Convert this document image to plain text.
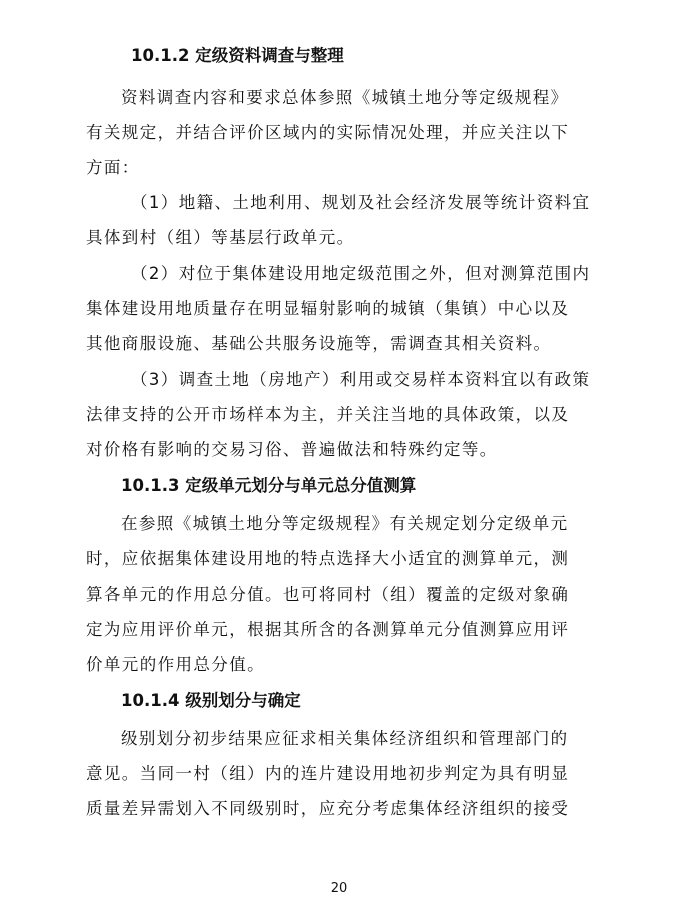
10.1.2 定级资料调查与整理
资料调查内容和要求总体参照《城镇土地分等定级规程》
有关规定，并结合评价区域内的实际情况处理，并应关注以下
方面：
（1）地籍、土地利用、规划及社会经济发展等统计资料宜
具体到村（组）等基层行政单元。
（2）对位于集体建设用地定级范围之外，但对测算范围内
集体建设用地质量存在明显辐射影响的城镇（集镇）中心以及
其他商服设施、基础公共服务设施等，需调查其相关资料。
（3）调查土地（房地产）利用或交易样本资料宜以有政策
法律支持的公开市场样本为主，并关注当地的具体政策，以及
对价格有影响的交易习俗、普遍做法和特殊约定等。
10.1.3 定级单元划分与单元总分值测算
在参照《城镇土地分等定级规程》有关规定划分定级单元
时，应依据集体建设用地的特点选择大小适宜的测算单元，测
算各单元的作用总分值。也可将同村（组）覆盖的定级对象确
定为应用评价单元，根据其所含的各测算单元分值测算应用评
价单元的作用总分值。
10.1.4 级别划分与确定
级别划分初步结果应征求相关集体经济组织和管理部门的
意见。当同一村（组）内的连片建设用地初步判定为具有明显
质量差异需划入不同级别时，应充分考虑集体经济组织的接受
20
